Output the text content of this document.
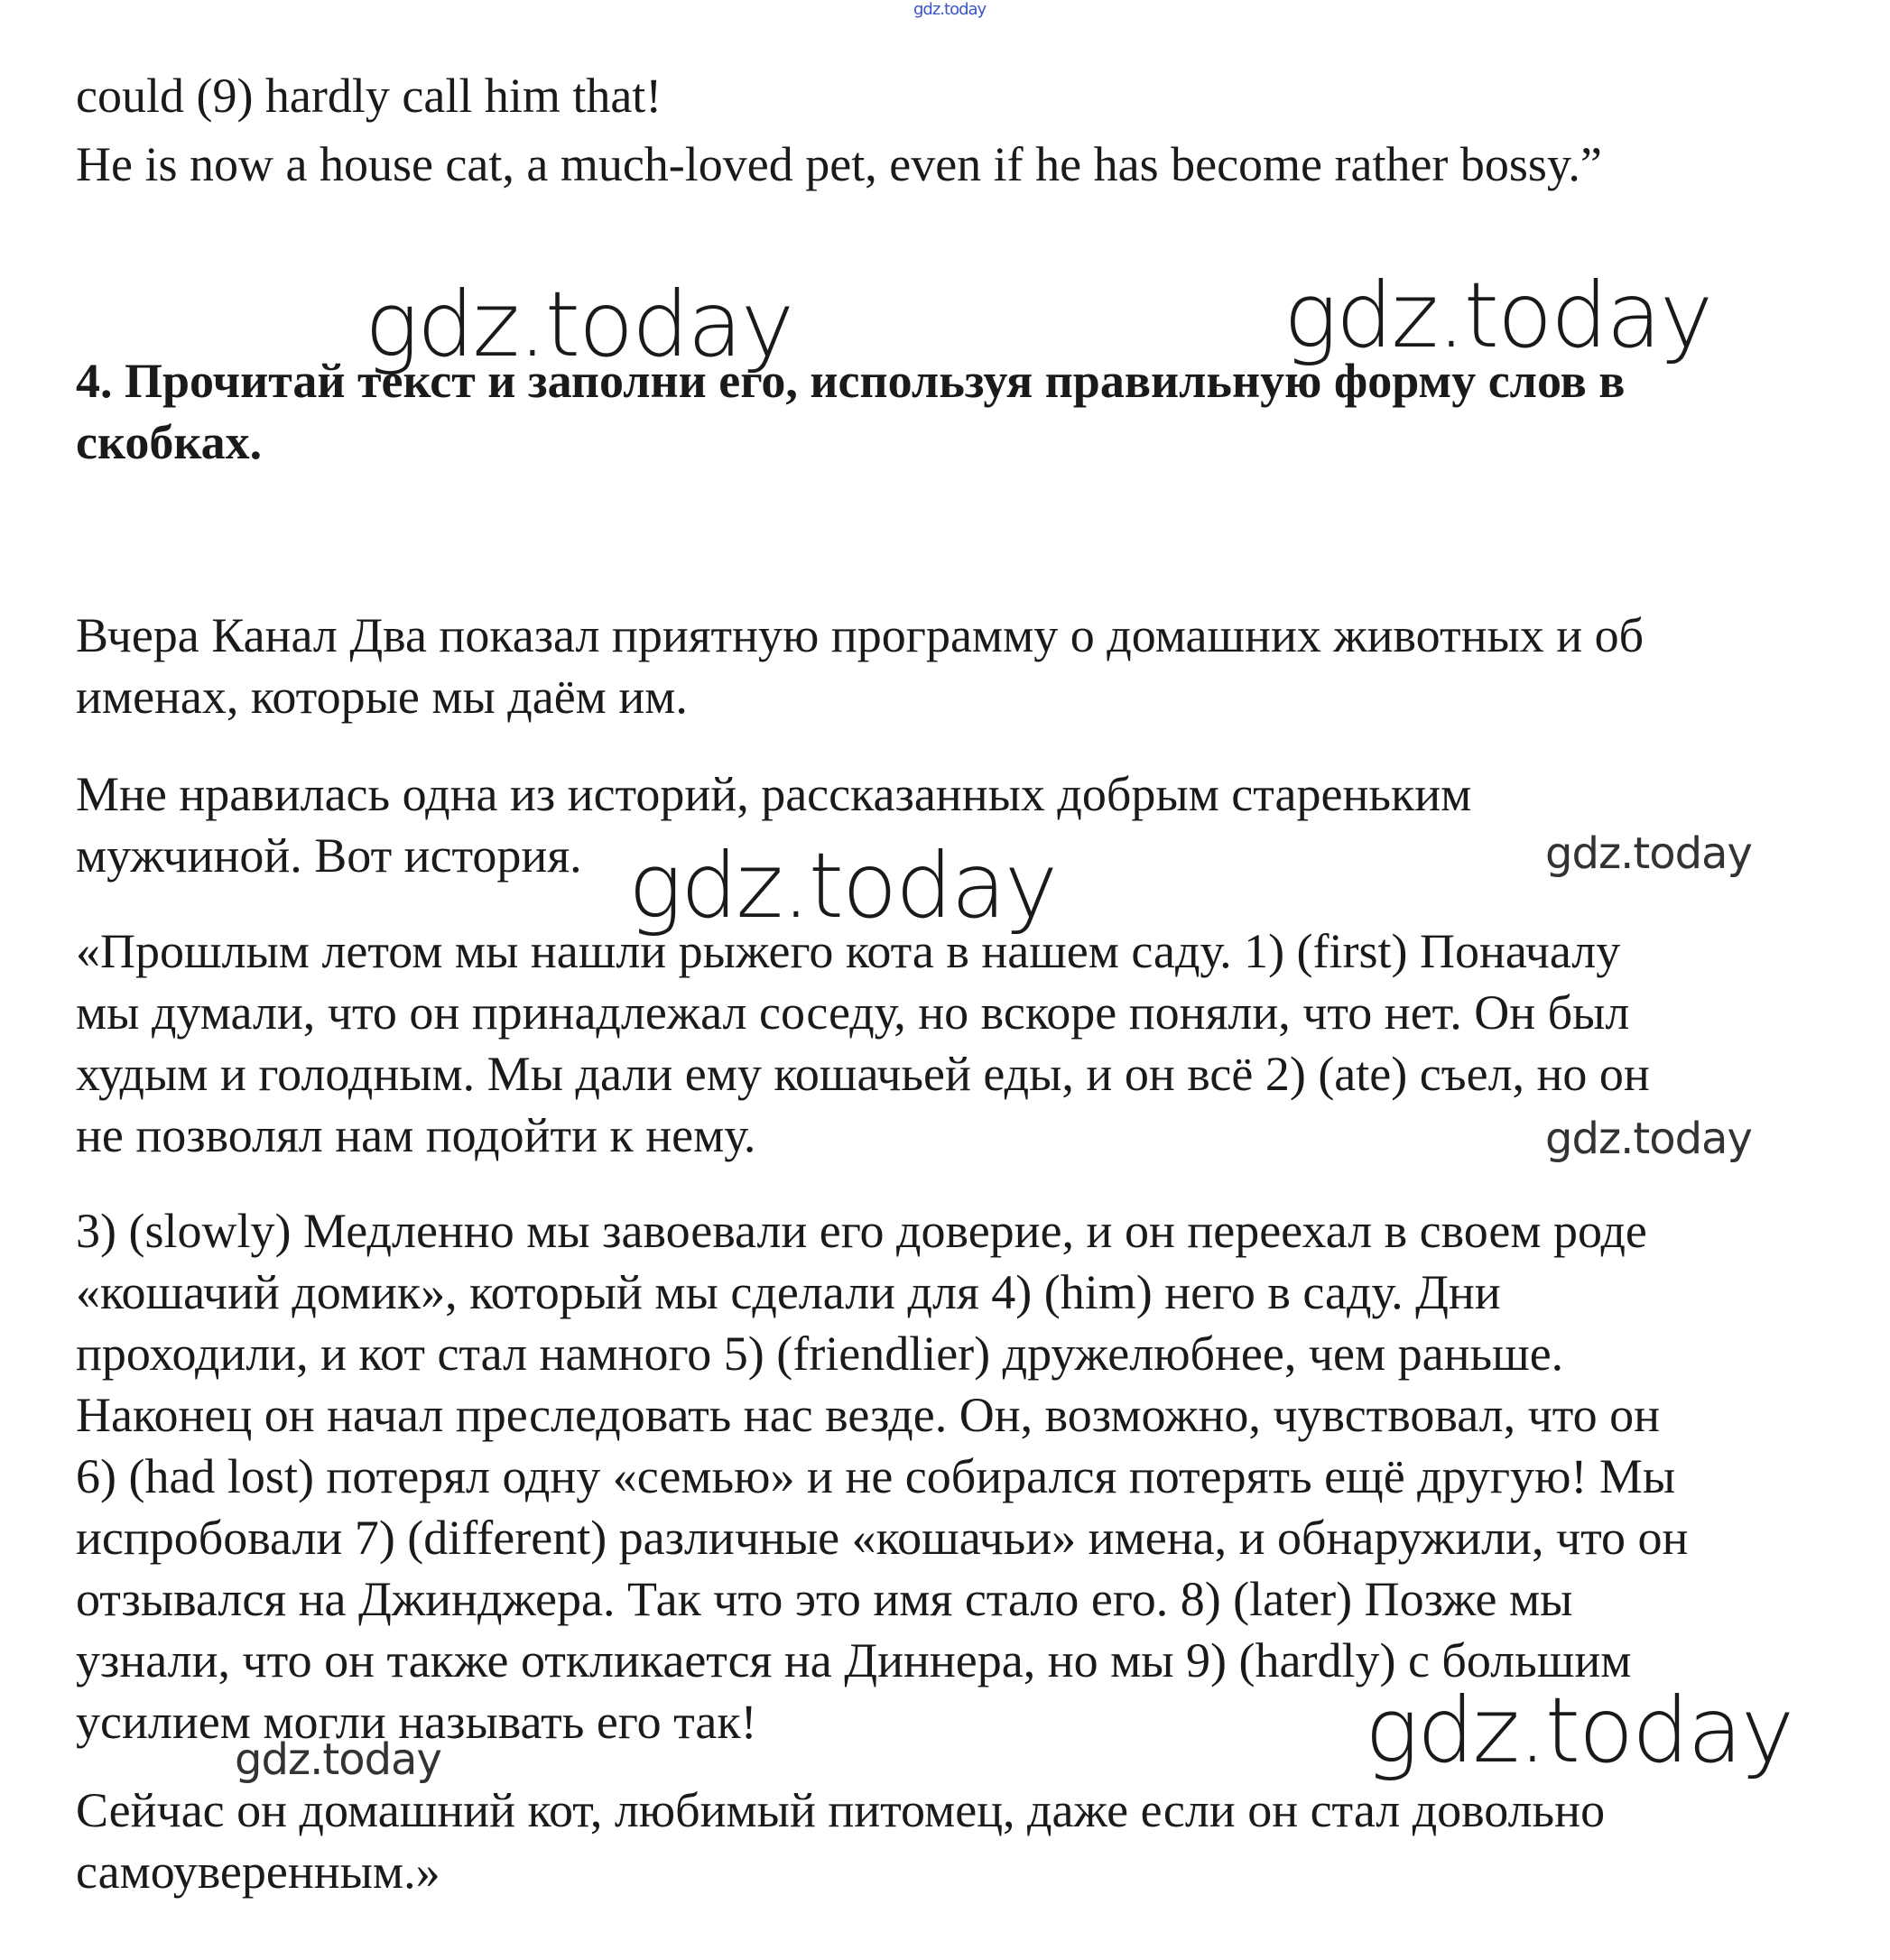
gdz.today

could (9) hardly call him that!

He is now a house cat, a much-loved pet, even if he has become rather bossy.”

gdz.today	gdz.today

4. Прочитай текст и заполни его, используя правильную форму слов в
скобках.

Вчера Канал Два показал приятную программу о домашних животных и об
именах, которые мы даём им.

Мне нравилась одна из историй, рассказанных добрым стареньким
мужчиной. Вот история.	gdz.today
gdz.today

«Прошлым летом мы нашли рыжего кота в нашем саду. 1) (first) Поначалу
мы думали, что он принадлежал соседу, но вскоре поняли, что нет. Он был
худым и голодным. Мы дали ему кошачьей еды, и он всё 2) (ate) съел, но он
не позволял нам подойти к нему.	gdz.today

3) (slowly) Медленно мы завоевали его доверие, и он переехал в своем роде
«кошачий домик», который мы сделали для 4) (him) него в саду. Дни
проходили, и кот стал намного 5) (friendlier) дружелюбнее, чем раньше.
Наконец он начал преследовать нас везде. Он, возможно, чувствовал, что он
6) (had lost) потерял одну «семью» и не собирался потерять ещё другую! Мы
испробовали 7) (different) различные «кошачьи» имена, и обнаружили, что он
отзывался на Джинджера. Так что это имя стало его. 8) (later) Позже мы
узнали, что он также откликается на Диннера, но мы 9) (hardly) с большим
усилием могли называть его так!	gdz.today
gdz.today

Сейчас он домашний кот, любимый питомец, даже если он стал довольно
самоуверенным.»
